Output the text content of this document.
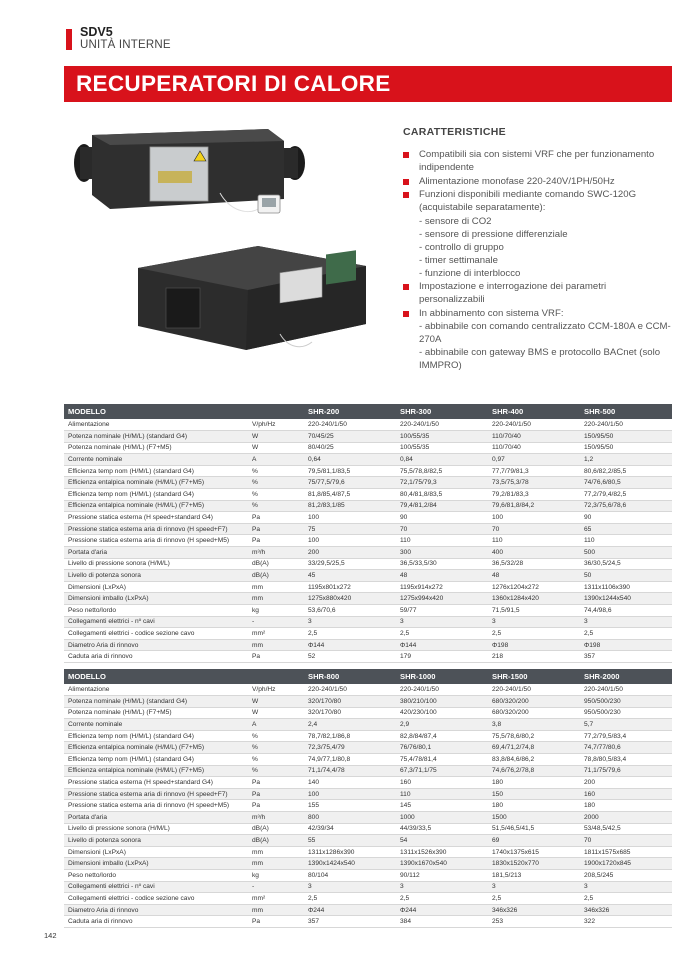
SDV5
UNITÀ INTERNE
RECUPERATORI DI CALORE
CARATTERISTICHE
Compatibili sia con sistemi VRF che per funzionamento indipendente
Alimentazione monofase 220-240V/1PH/50Hz
Funzioni disponibili mediante comando SWC-120G (acquistabile separatamente):
- sensore di CO2
- sensore di pressione differenziale
- controllo di gruppo
- timer settimanale
- funzione di interblocco
Impostazione e interrogazione dei parametri personalizzabili
In abbinamento con sistema VRF:
- abbinabile con comando centralizzato CCM-180A e CCM-270A
- abbinabile con gateway BMS e protocollo BACnet (solo IMMPRO)
MODELLO		SHR-200	SHR-300	SHR-400	SHR-500
Alimentazione	V/ph/Hz	220-240/1/50	220-240/1/50	220-240/1/50	220-240/1/50
Potenza nominale (H/M/L) (standard G4)	W	70/45/25	100/55/35	110/70/40	150/95/50
Potenza nominale (H/M/L) (F7+M5)	W	80/40/25	100/55/35	110/70/40	150/95/50
Corrente nominale	A	0,64	0,84	0,97	1,2
Efficienza temp nom (H/M/L) (standard G4)	%	79,5/81,1/83,5	75,5/78,8/82,5	77,7/79/81,3	80,6/82,2/85,5
Efficienza entalpica nominale (H/M/L) (F7+M5)	%	75/77,5/79,6	72,1/75/79,3	73,5/75,3/78	74/76,6/80,5
Efficienza temp nom (H/M/L) (standard G4)	%	81,8/85,4/87,5	80,4/81,8/83,5	79,2/81/83,3	77,2/79,4/82,5
Efficienza entalpica nominale (H/M/L) (F7+M5)	%	81,2/83,1/85	79,4/81,2/84	79,6/81,8/84,2	72,3/75,6/78,6
Pressione statica esterna (H speed+standard G4)	Pa	100	90	100	90
Pressione statica esterna aria di rinnovo (H speed+F7)	Pa	75	70	70	65
Pressione statica esterna aria di rinnovo (H speed+M5)	Pa	100	110	110	110
Portata d'aria	m³/h	200	300	400	500
Livello di pressione sonora (H/M/L)	dB(A)	33/29,5/25,5	36,5/33,5/30	36,5/32/28	36/30,5/24,5
Livello di potenza sonora	dB(A)	45	48	48	50
Dimensioni (LxPxA)	mm	1195x801x272	1195x914x272	1276x1204x272	1311x1106x390
Dimensioni imballo (LxPxA)	mm	1275x880x420	1275x994x420	1360x1284x420	1390x1244x540
Peso netto/lordo	kg	53,6/70,6	59/77	71,5/91,5	74,4/98,6
Collegamenti elettrici - nº cavi	-	3	3	3	3
Collegamenti elettrici - codice sezione cavo	mm²	2,5	2,5	2,5	2,5
Diametro Aria di rinnovo	mm	Φ144	Φ144	Φ198	Φ198
Caduta aria di rinnovo	Pa	52	179	218	357
MODELLO		SHR-800	SHR-1000	SHR-1500	SHR-2000
Alimentazione	V/ph/Hz	220-240/1/50	220-240/1/50	220-240/1/50	220-240/1/50
Potenza nominale (H/M/L) (standard G4)	W	320/170/80	380/210/100	680/320/200	950/500/230
Potenza nominale (H/M/L) (F7+M5)	W	320/170/80	420/230/100	680/320/200	950/500/230
Corrente nominale	A	2,4	2,9	3,8	5,7
Efficienza temp nom (H/M/L) (standard G4)	%	78,7/82,1/86,8	82,8/84/87,4	75,5/78,6/80,2	77,2/79,5/83,4
Efficienza entalpica nominale (H/M/L) (F7+M5)	%	72,3/75,4/79	76/76/80,1	69,4/71,2/74,8	74,7/77/80,6
Efficienza temp nom (H/M/L) (standard G4)	%	74,9/77,1/80,8	75,4/78/81,4	83,8/84,6/86,2	78,8/80,5/83,4
Efficienza entalpica nominale (H/M/L) (F7+M5)	%	71,1/74,4/78	67,3/71,1/75	74,6/76,2/78,8	71,1/75/79,6
Pressione statica esterna (H speed+standard G4)	Pa	140	160	180	200
Pressione statica esterna aria di rinnovo (H speed+F7)	Pa	100	110	150	160
Pressione statica esterna aria di rinnovo (H speed+M5)	Pa	155	145	180	180
Portata d'aria	m³/h	800	1000	1500	2000
Livello di pressione sonora (H/M/L)	dB(A)	42/39/34	44/39/33,5	51,5/46,5/41,5	53/48,5/42,5
Livello di potenza sonora	dB(A)	55	54	69	70
Dimensioni (LxPxA)	mm	1311x1286x390	1311x1526x390	1740x1375x615	1811x1575x685
Dimensioni imballo (LxPxA)	mm	1390x1424x540	1390x1670x540	1830x1520x770	1900x1720x845
Peso netto/lordo	kg	80/104	90/112	181,5/213	208,5/245
Collegamenti elettrici - nº cavi	-	3	3	3	3
Collegamenti elettrici - codice sezione cavo	mm²	2,5	2,5	2,5	2,5
Diametro Aria di rinnovo	mm	Φ244	Φ244	346x326	346x326
Caduta aria di rinnovo	Pa	357	384	253	322
142
